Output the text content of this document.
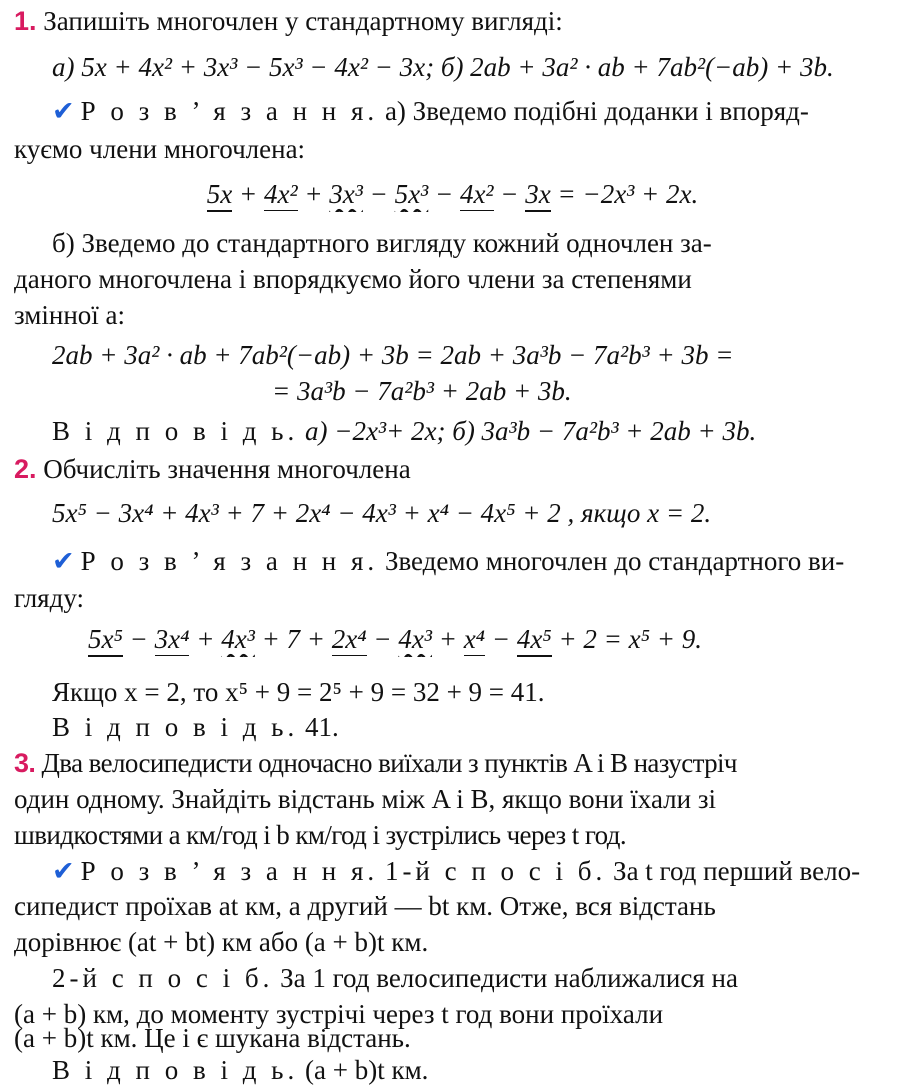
1. Запишіть многочлен у стандартному вигляді:
а) 5x + 4x² + 3x³ − 5x³ − 4x² − 3x; б) 2ab + 3a² · ab + 7ab²(−ab) + 3b.
✔ Р о з в ’ я з а н н я. а) Зведемо подібні доданки і впоряд-
куємо члени многочлена:
5x + 4x² + 3x³ − 5x³ − 4x² − 3x = −2x³ + 2x.
б) Зведемо до стандартного вигляду кожний одночлен за-
даного многочлена і впорядкуємо його члени за степенями
змінної a:
2ab + 3a² · ab + 7ab²(−ab) + 3b = 2ab + 3a³b − 7a²b³ + 3b =
= 3a³b − 7a²b³ + 2ab + 3b.
В і д п о в і д ь. а) −2x³+ 2x; б) 3a³b − 7a²b³ + 2ab + 3b.
2. Обчисліть значення многочлена
5x⁵ − 3x⁴ + 4x³ + 7 + 2x⁴ − 4x³ + x⁴ − 4x⁵ + 2 , якщо x = 2.
✔ Р о з в ’ я з а н н я. Зведемо многочлен до стандартного ви-
гляду:
5x⁵ − 3x⁴ + 4x³ + 7 + 2x⁴ − 4x³ + x⁴ − 4x⁵ + 2 = x⁵ + 9.
Якщо x = 2, то x⁵ + 9 = 2⁵ + 9 = 32 + 9 = 41.
В і д п о в і д ь. 41.
3. Два велосипедисти одночасно виїхали з пунктів A і B назустріч
один одному. Знайдіть відстань між A і B, якщо вони їхали зі
швидкостями a км/год і b км/год і зустрілись через t год.
✔ Р о з в ’ я з а н н я. 1-й с п о с і б. За t год перший вело-
сипедист проїхав at км, а другий — bt км. Отже, вся відстань
дорівнює (at + bt) км або (a + b)t км.
2-й с п о с і б. За 1 год велосипедисти наближалися на
(a + b) км, до моменту зустрічі через t год вони проїхали
(a + b)t км. Це і є шукана відстань.
В і д п о в і д ь. (a + b)t км.
